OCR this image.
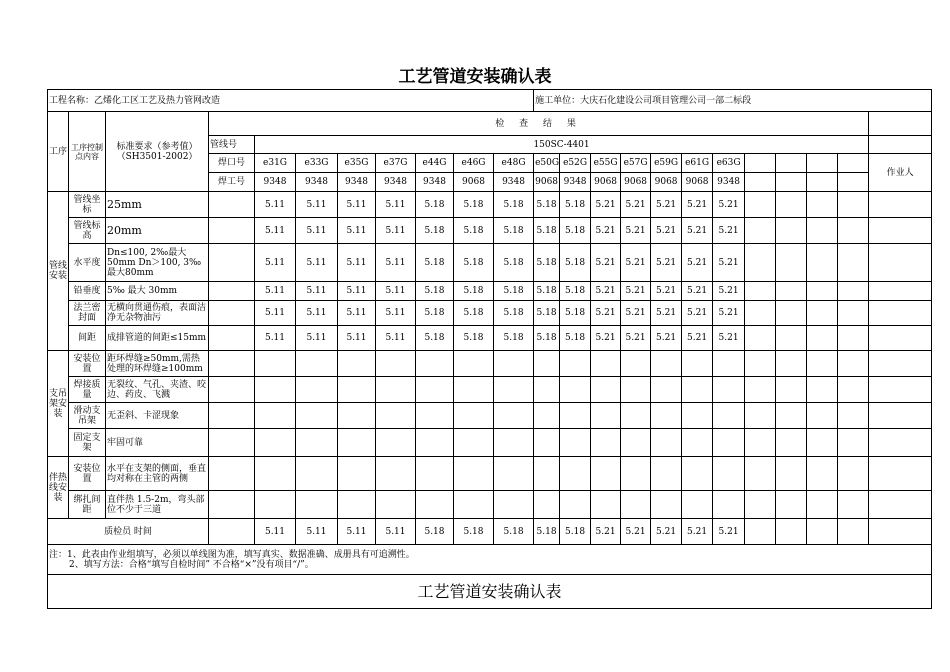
工艺管道安装确认表
工程名称：乙烯化工区工艺及热力管网改造											施工单位：大庆石化建设公司项目管理公司一部二标段											
工序	工序控制点内容	标准要求（参考值）（SH3501-2002）	检 查 结 果																			
			管线号	150SC-4401																		
			焊口号	e31G	e33G	e35G	e37G	e44G	e46G	e48G	e50G	e52G	e55G	e57G	e59G	e61G	e63G					作业人
			焊工号	9348	9348	9348	9348	9348	9068	9348	9068	9348	9068	9068	9068	9068	9348					
管线安装	管线坐标	25mm		5.11	5.11	5.11	5.11	5.18	5.18	5.18	5.18	5.18	5.21	5.21	5.21	5.21	5.21					
	管线标高	20mm		5.11	5.11	5.11	5.11	5.18	5.18	5.18	5.18	5.18	5.21	5.21	5.21	5.21	5.21					
	水平度	Dn≤100, 2‰最大50mm Dn＞100, 3‰最大80mm		5.11	5.11	5.11	5.11	5.18	5.18	5.18	5.18	5.18	5.21	5.21	5.21	5.21	5.21					
	铅垂度	5‰ 最大 30mm		5.11	5.11	5.11	5.11	5.18	5.18	5.18	5.18	5.18	5.21	5.21	5.21	5.21	5.21					
	法兰密封面	无横向贯通伤痕，表面洁净无杂物油污		5.11	5.11	5.11	5.11	5.18	5.18	5.18	5.18	5.18	5.21	5.21	5.21	5.21	5.21					
	间距	成排管道的间距≤15mm		5.11	5.11	5.11	5.11	5.18	5.18	5.18	5.18	5.18	5.21	5.21	5.21	5.21	5.21					
支吊架安装	安装位置	距环焊缝≥50mm,需热处理的环焊缝≥100mm																				
	焊接质量	无裂纹、气孔、夹渣、咬边、药皮、飞溅																				
	滑动支吊架	无歪斜、卡涩现象																				
	固定支架	牢固可靠																				
伴热线安装	安装位置	水平在支架的侧面，垂直均对称在主管的两侧																				
	绑扎间距	直伴热 1.5-2m，弯头部位不少于三道																				
质检员 时间				5.11	5.11	5.11	5.11	5.18	5.18	5.18	5.18	5.18	5.21	5.21	5.21	5.21	5.21					

注：1、此表由作业组填写，必须以单线图为准，填写真实、数据准确、成册具有可追溯性。
2、填写方法：合格“填写自检时间” 不合格“×”没有项目“/”。																						

工艺管道安装确认表																						
